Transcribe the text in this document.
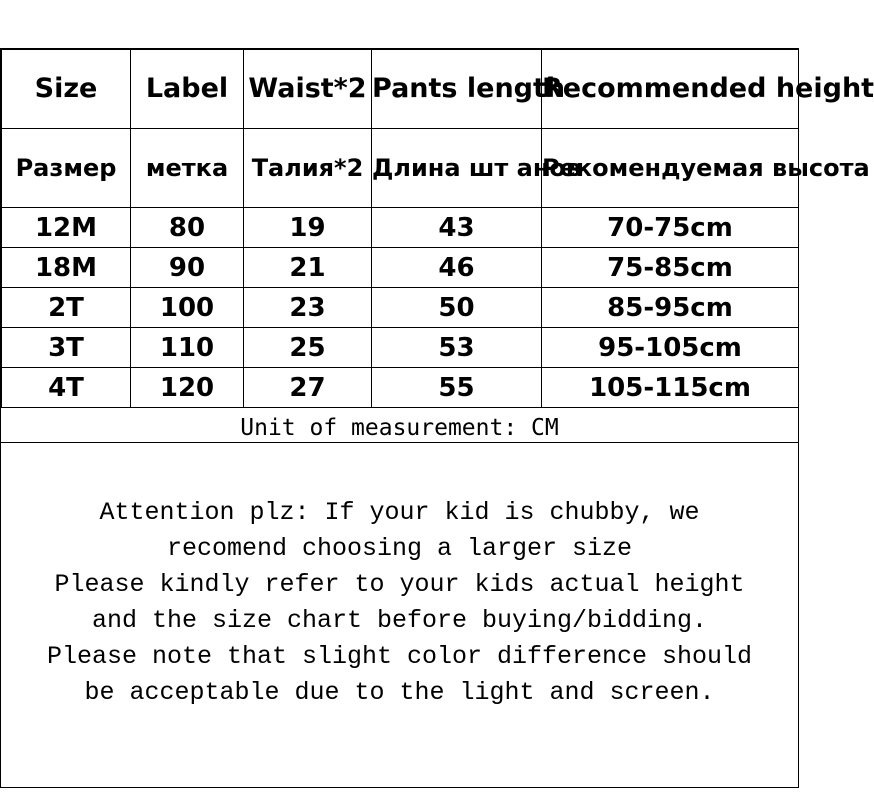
Size	Label	Waist*2	Pants length	Recommended height
Размер	метка	Талия*2	Длина шт анов	Рекомендуемая высота
12M	80	19	43	70-75cm
18M	90	21	46	75-85cm
2T	100	23	50	85-95cm
3T	110	25	53	95-105cm
4T	120	27	55	105-115cm
Unit of measurement: CM
Attention plz: If your kid is chubby, we
recomend choosing a larger size
Please kindly refer to your kids actual height
and the size chart before buying/bidding.
Please note that slight color difference should
be acceptable due to the light and screen.
